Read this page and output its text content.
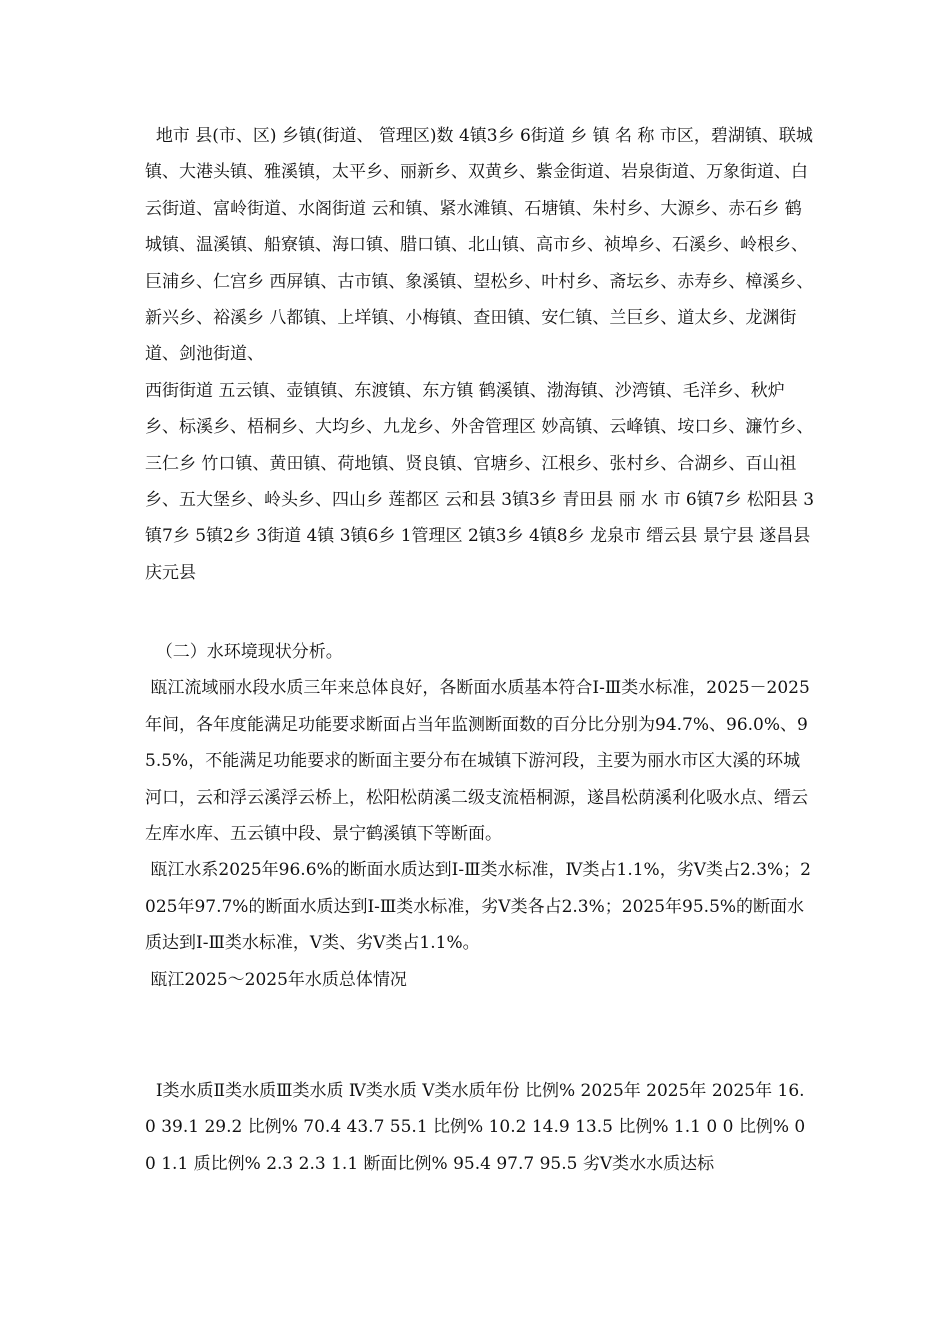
地市 县(市、区) 乡镇(街道、 管理区)数 4镇3乡 6街道 乡 镇 名 称 市区，碧湖镇、联城镇、大港头镇、雅溪镇，太平乡、丽新乡、双黄乡、紫金街道、岩泉街道、万象街道、白云街道、富岭街道、水阁街道 云和镇、紧水滩镇、石塘镇、朱村乡、大源乡、赤石乡 鹤城镇、温溪镇、船寮镇、海口镇、腊口镇、北山镇、高市乡、祯埠乡、石溪乡、岭根乡、巨浦乡、仁宫乡 西屏镇、古市镇、象溪镇、望松乡、叶村乡、斋坛乡、赤寿乡、樟溪乡、新兴乡、裕溪乡 八都镇、上垟镇、小梅镇、查田镇、安仁镇、兰巨乡、道太乡、龙渊街道、剑池街道、
西街街道 五云镇、壶镇镇、东渡镇、东方镇 鹤溪镇、渤海镇、沙湾镇、毛洋乡、秋炉乡、标溪乡、梧桐乡、大均乡、九龙乡、外舍管理区 妙高镇、云峰镇、垵口乡、濂竹乡、三仁乡 竹口镇、黄田镇、荷地镇、贤良镇、官塘乡、江根乡、张村乡、合湖乡、百山祖乡、五大堡乡、岭头乡、四山乡 莲都区 云和县 3镇3乡 青田县 丽 水 市 6镇7乡 松阳县 3镇7乡 5镇2乡 3街道 4镇 3镇6乡 1管理区 2镇3乡 4镇8乡 龙泉市 缙云县 景宁县 遂昌县 庆元县
（二）水环境现状分析。
瓯江流域丽水段水质三年来总体良好，各断面水质基本符合Ⅰ-Ⅲ类水标准，2025－2025年间，各年度能满足功能要求断面占当年监测断面数的百分比分别为94.7%、96.0%、95.5%，不能满足功能要求的断面主要分布在城镇下游河段，主要为丽水市区大溪的环城河口，云和浮云溪浮云桥上，松阳松荫溪二级支流梧桐源，遂昌松荫溪利化吸水点、缙云左库水库、五云镇中段、景宁鹤溪镇下等断面。
瓯江水系2025年96.6%的断面水质达到Ⅰ-Ⅲ类水标准，Ⅳ类占1.1%，劣Ⅴ类占2.3%；2025年97.7%的断面水质达到Ⅰ-Ⅲ类水标准，劣Ⅴ类各占2.3%；2025年95.5%的断面水质达到Ⅰ-Ⅲ类水标准，Ⅴ类、劣Ⅴ类占1.1%。
瓯江2025～2025年水质总体情况
Ⅰ类水质Ⅱ类水质Ⅲ类水质 Ⅳ类水质 Ⅴ类水质年份 比例% 2025年 2025年 2025年 16.0 39.1 29.2 比例% 70.4 43.7 55.1 比例% 10.2 14.9 13.5 比例% 1.1 0 0 比例% 0 0 1.1 质比例% 2.3 2.3 1.1 断面比例% 95.4 97.7 95.5 劣Ⅴ类水水质达标
